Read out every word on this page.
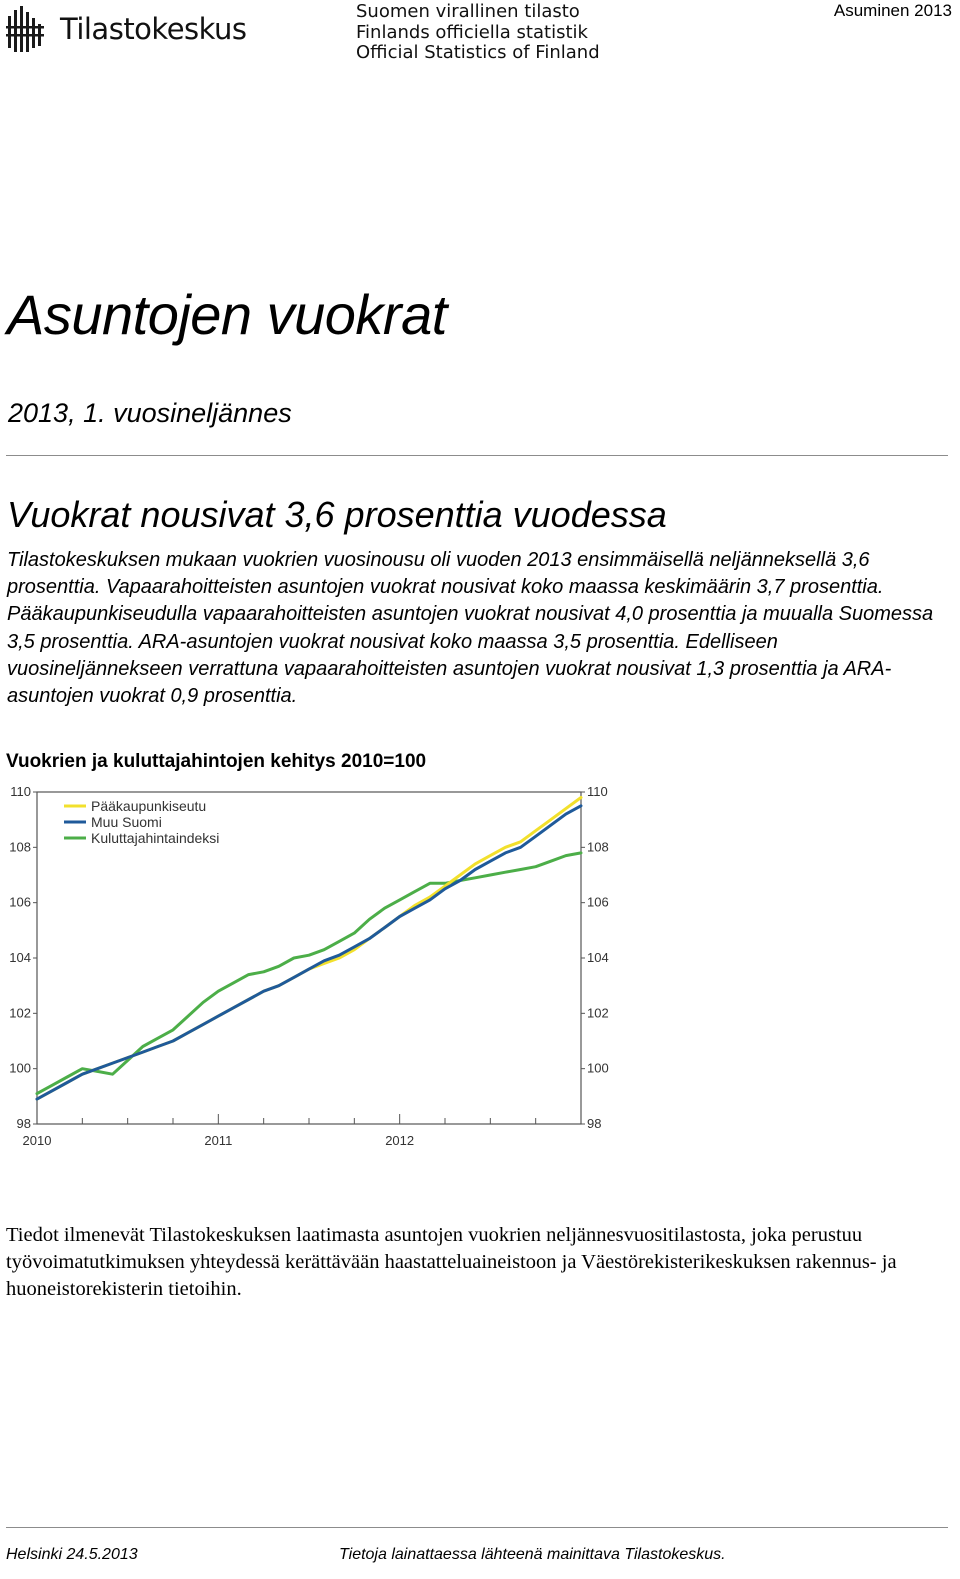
Tilastokeskus
Suomen virallinen tilasto
Finlands officiella statistik
Official Statistics of Finland
Asuminen 2013
Asuntojen vuokrat
2013, 1. vuosineljännes
Vuokrat nousivat 3,6 prosenttia vuodessa

Tilastokeskuksen mukaan vuokrien vuosinousu oli vuoden 2013 ensimmäisellä neljänneksellä 3,6 prosenttia. Vapaarahoitteisten asuntojen vuokrat nousivat koko maassa keskimäärin 3,7 prosenttia. Pääkaupunkiseudulla vapaarahoitteisten asuntojen vuokrat nousivat 4,0 prosenttia ja muualla Suomessa 3,5 prosenttia. ARA-asuntojen vuokrat nousivat koko maassa 3,5 prosenttia. Edelliseen vuosineljännekseen verrattuna vapaarahoitteisten asuntojen vuokrat nousivat 1,3 prosenttia ja ARA-asuntojen vuokrat 0,9 prosenttia.

Vuokrien ja kuluttajahintojen kehitys 2010=100
98	98
100	100
102	102
104	104
106	106
108	108
110	110
2010	2011	2012
Pääkaupunkiseutu
Muu Suomi
Kuluttajahintaindeksi

Tiedot ilmenevät Tilastokeskuksen laatimasta asuntojen vuokrien neljännesvuositilastosta, joka perustuu työvoimatutkimuksen yhteydessä kerättävään haastatteluaineistoon ja Väestörekisterikeskuksen rakennus- ja huoneistorekisterin tietoihin.

Helsinki 24.5.2013	Tietoja lainattaessa lähteenä mainittava Tilastokeskus.
